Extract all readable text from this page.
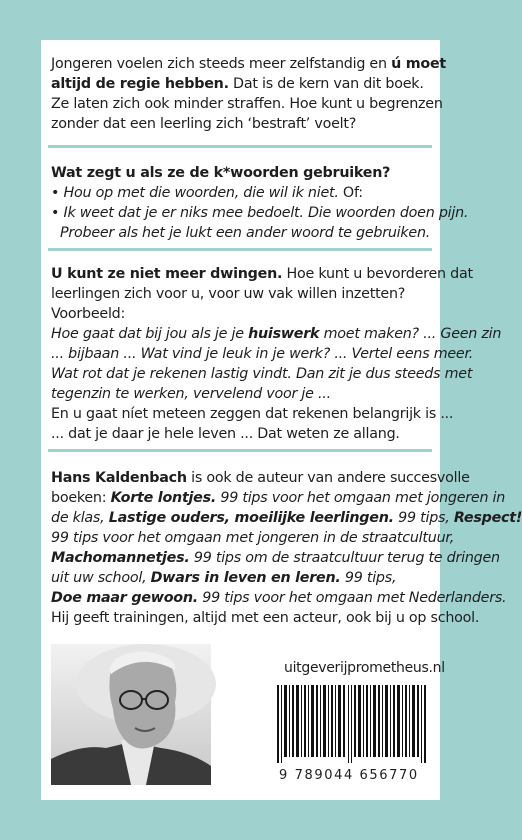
Jongeren voelen zich steeds meer zelfstandig en ú moet

altijd de regie hebben. Dat is de kern van dit boek.

Ze laten zich ook minder straffen. Hoe kunt u begrenzen

zonder dat een leerling zich ‘bestraft’ voelt?

Wat zegt u als ze de k*woorden gebruiken?

• Hou op met die woorden, die wil ik niet. Of:

• Ik weet dat je er niks mee bedoelt. Die woorden doen pijn.

Probeer als het je lukt een ander woord te gebruiken.

U kunt ze niet meer dwingen. Hoe kunt u bevorderen dat

leerlingen zich voor u, voor uw vak willen inzetten?

Voorbeeld:

Hoe gaat dat bij jou als je je huiswerk moet maken? ... Geen zin

... bijbaan ... Wat vind je leuk in je werk? ... Vertel eens meer.

Wat rot dat je rekenen lastig vindt. Dan zit je dus steeds met

tegenzin te werken, vervelend voor je ...

En u gaat níet meteen zeggen dat rekenen belangrijk is ...

... dat je daar je hele leven ... Dat weten ze allang.

Hans Kaldenbach is ook de auteur van andere succesvolle

boeken: Korte lontjes. 99 tips voor het omgaan met jongeren in

de klas, Lastige ouders, moeilijke leerlingen. 99 tips, Respect!

99 tips voor het omgaan met jongeren in de straatcultuur,

Machomannetjes. 99 tips om de straatcultuur terug te dringen

uit uw school, Dwars in leven en leren. 99 tips,

Doe maar gewoon. 99 tips voor het omgaan met Nederlanders.

Hij geeft trainingen, altijd met een acteur, ook bij u op school.

uitgeverijprometheus.nl
9 789044 656770
